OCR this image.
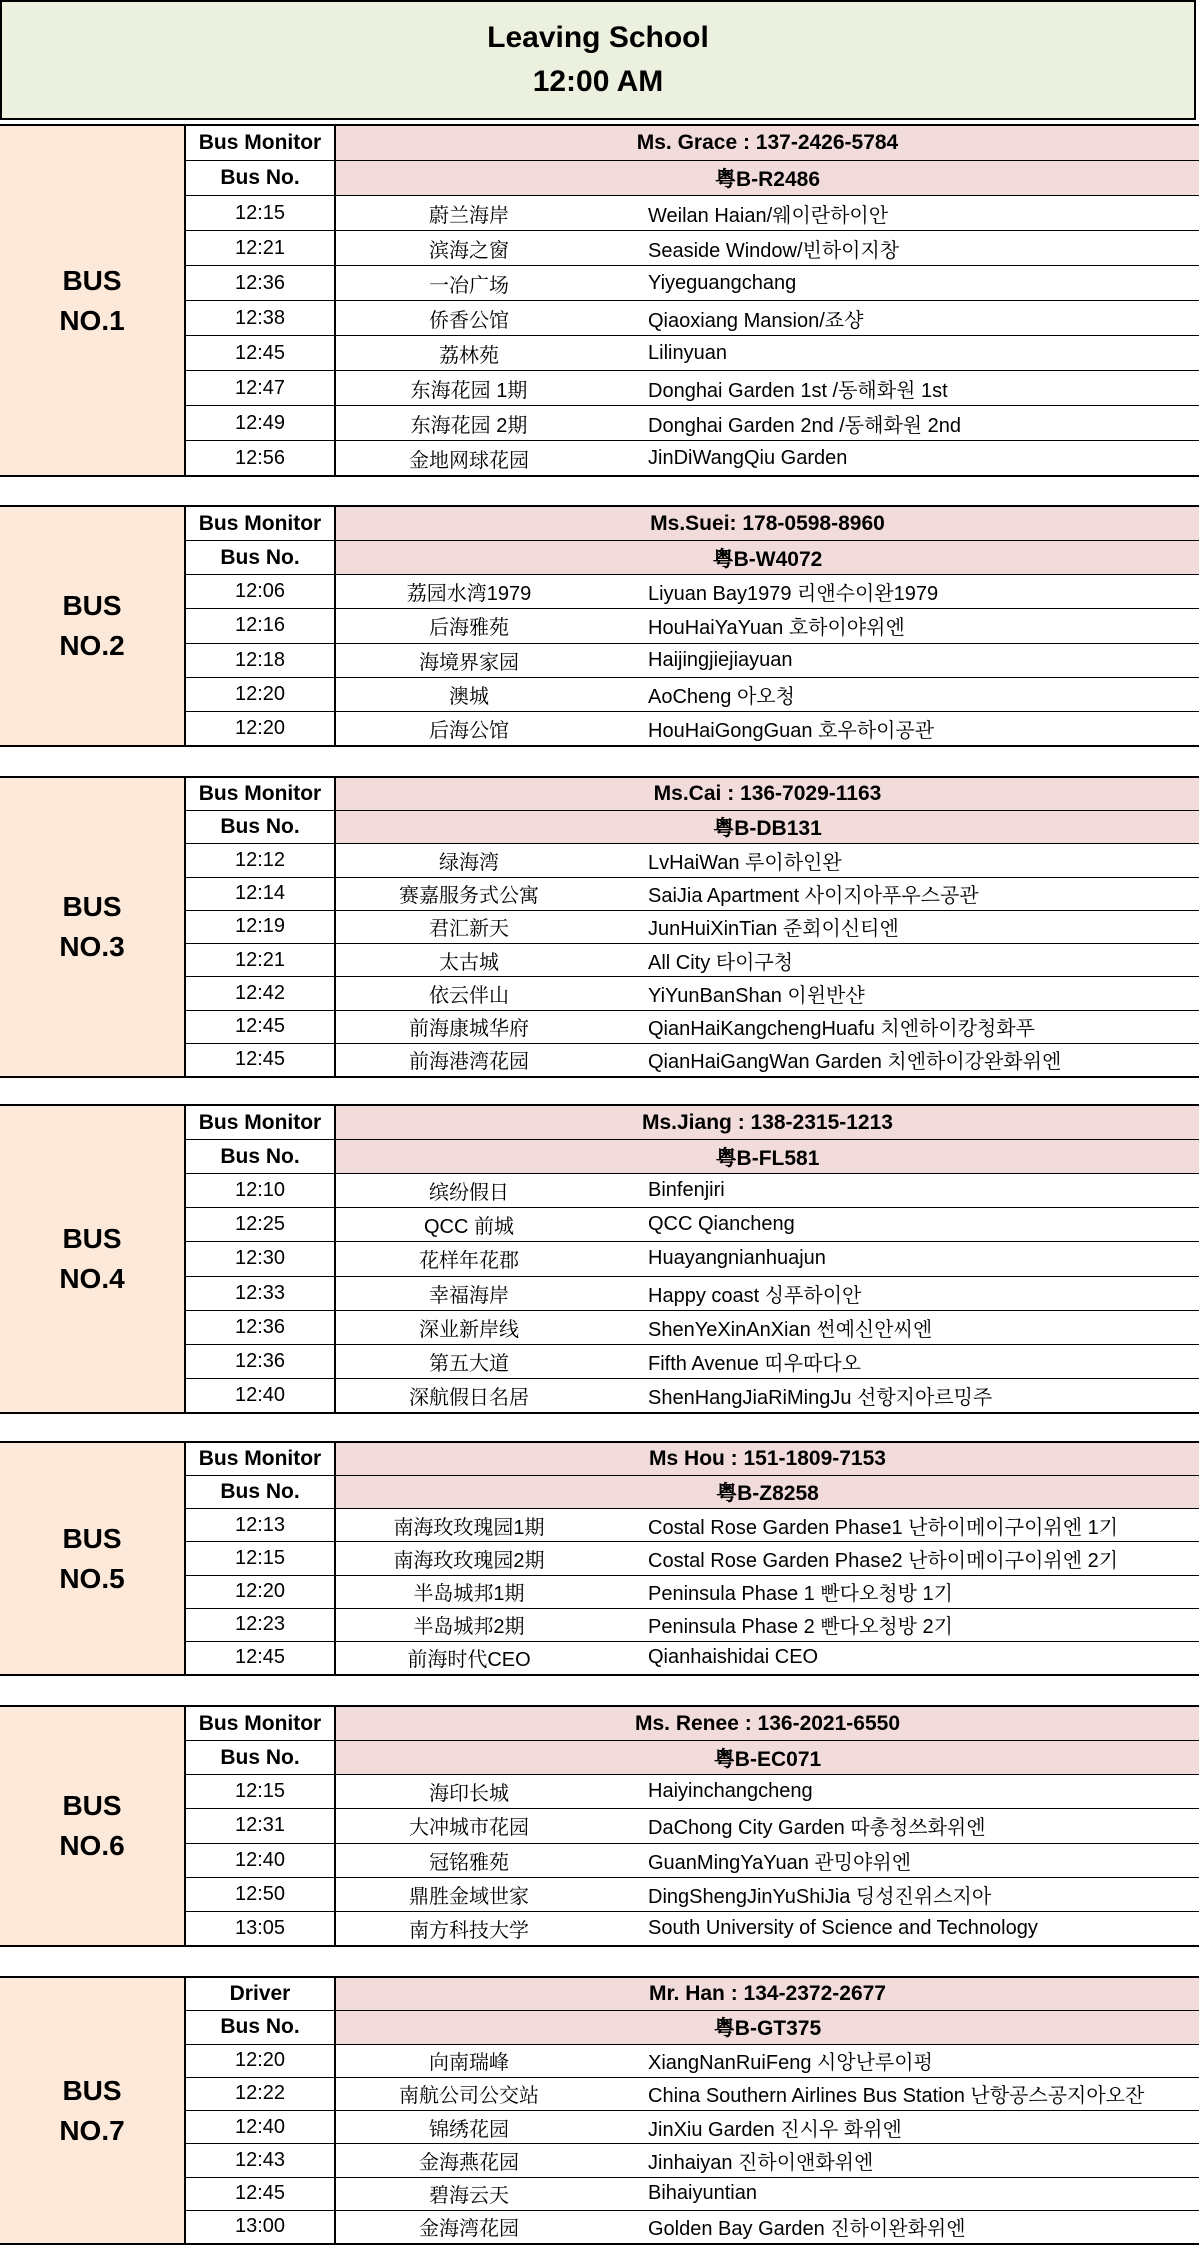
Leaving School
12:00 AM
BUS
NO.1
Bus Monitor	Ms. Grace : 137-2426-5784
Bus No.	粤B-R2486
12:15	蔚兰海岸	Weilan Haian/웨이란하이안
12:21	滨海之窗	Seaside Window/빈하이지창
12:36	一冶广场	Yiyeguangchang
12:38	侨香公馆	Qiaoxiang Mansion/죠샹
12:45	荔林苑	Lilinyuan
12:47	东海花园 1期	Donghai Garden 1st /동해화원 1st
12:49	东海花园 2期	Donghai Garden 2nd /동해화원 2nd
12:56	金地网球花园	JinDiWangQiu Garden
BUS
NO.2
Bus Monitor	Ms.Suei: 178-0598-8960
Bus No.	粤B-W4072
12:06	荔园水湾1979	Liyuan Bay1979 리앤수이완1979
12:16	后海雅苑	HouHaiYaYuan 호하이야위엔
12:18	海境界家园	Haijingjiejiayuan
12:20	澳城	AoCheng 아오청
12:20	后海公馆	HouHaiGongGuan 호우하이공관
BUS
NO.3
Bus Monitor	Ms.Cai : 136-7029-1163
Bus No.	粤B-DB131
12:12	绿海湾	LvHaiWan 루이하인완
12:14	赛嘉服务式公寓	SaiJia Apartment 사이지아푸우스공관
12:19	君汇新天	JunHuiXinTian 준회이신티엔
12:21	太古城	All City 타이구청
12:42	依云伴山	YiYunBanShan 이윈반샨
12:45	前海康城华府	QianHaiKangchengHuafu 치엔하이캉청화푸
12:45	前海港湾花园	QianHaiGangWan Garden 치엔하이강완화위엔
BUS
NO.4
Bus Monitor	Ms.Jiang : 138-2315-1213
Bus No.	粤B-FL581
12:10	缤纷假日	Binfenjiri
12:25	QCC 前城	QCC Qiancheng
12:30	花样年花郡	Huayangnianhuajun
12:33	幸福海岸	Happy coast 싱푸하이안
12:36	深业新岸线	ShenYeXinAnXian 썬예신안씨엔
12:36	第五大道	Fifth Avenue 띠우따다오
12:40	深航假日名居	ShenHangJiaRiMingJu 선항지아르밍주
BUS
NO.5
Bus Monitor	Ms Hou : 151-1809-7153
Bus No.	粤B-Z8258
12:13	南海玫玫瑰园1期	Costal Rose Garden Phase1 난하이메이구이위엔 1기
12:15	南海玫玫瑰园2期	Costal Rose Garden Phase2 난하이메이구이위엔 2기
12:20	半岛城邦1期	Peninsula Phase 1 빤다오청방 1기
12:23	半岛城邦2期	Peninsula Phase 2 빤다오청방 2기
12:45	前海时代CEO	Qianhaishidai CEO
BUS
NO.6
Bus Monitor	Ms. Renee : 136-2021-6550
Bus No.	粤B-EC071
12:15	海印长城	Haiyinchangcheng
12:31	大冲城市花园	DaChong City Garden 따총청쓰화위엔
12:40	冠铭雅苑	GuanMingYaYuan 관밍야위엔
12:50	鼎胜金域世家	DingShengJinYuShiJia 딩성진위스지아
13:05	南方科技大学	South University of Science and Technology
BUS
NO.7
Driver	Mr. Han : 134-2372-2677
Bus No.	粤B-GT375
12:20	向南瑞峰	XiangNanRuiFeng 시앙난루이펑
12:22	南航公司公交站	China Southern Airlines Bus Station 난항공스공지아오잔
12:40	锦绣花园	JinXiu Garden 진시우 화위엔
12:43	金海燕花园	Jinhaiyan 진하이앤화위엔
12:45	碧海云天	Bihaiyuntian
13:00	金海湾花园	Golden Bay Garden 진하이완화위엔
